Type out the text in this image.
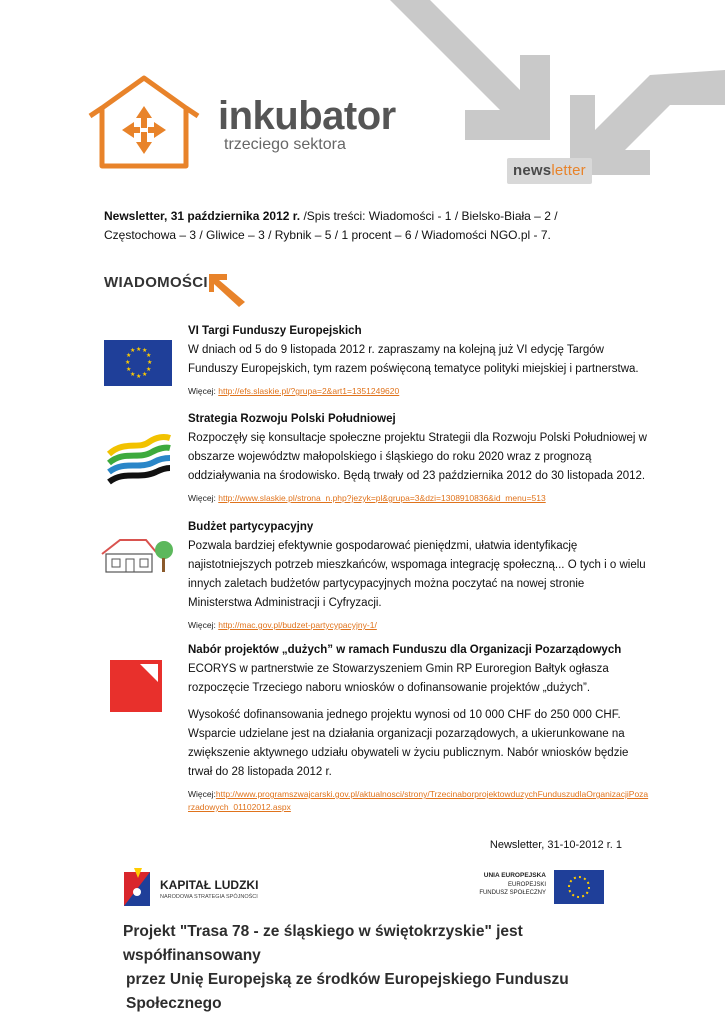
inkubator
trzeciego sektora
newsletter
Newsletter, 31 października 2012 r. /Spis treści: Wiadomości - 1 / Bielsko-Biała – 2 / Częstochowa – 3 / Gliwice – 3 / Rybnik – 5 / 1 procent – 6 / Wiadomości NGO.pl - 7.
WIADOMOŚCI
★ ★
★
★
★
★
★
★
★
★
★
★
VI Targi Funduszy Europejskich
W dniach od 5 do 9 listopada 2012 r. zapraszamy na kolejną już VI edycję Targów Funduszy Europejskich, tym razem poświęconą tematyce polityki miejskiej i partnerstwa.
Więcej: http://efs.slaskie.pl/?grupa=2&art1=1351249620
Strategia Rozwoju Polski Południowej
Rozpoczęły się konsultacje społeczne projektu Strategii dla Rozwoju Polski Południowej w obszarze województw małopolskiego i śląskiego do roku 2020 wraz z prognozą oddziaływania na środowisko. Będą trwały od 23 października 2012 do 30 listopada 2012.
Więcej: http://www.slaskie.pl/strona_n.php?jezyk=pl&grupa=3&dzi=1308910836&id_menu=513
Budżet partycypacyjny
Pozwala bardziej efektywnie gospodarować pieniędzmi, ułatwia identyfikację najistotniejszych potrzeb mieszkańców, wspomaga integrację społeczną... O tych i o wielu innych zaletach budżetów partycypacyjnych można poczytać na nowej stronie Ministerstwa Administracji i Cyfryzacji.
Więcej: http://mac.gov.pl/budzet-partycypacyjny-1/
Nabór projektów „dużych” w ramach Funduszu dla Organizacji Pozarządowych
ECORYS w partnerstwie ze Stowarzyszeniem Gmin RP Euroregion Bałtyk ogłasza rozpoczęcie Trzeciego naboru wniosków o dofinansowanie projektów „dużych”.
Wysokość dofinansowania jednego projektu wynosi od 10 000 CHF do 250 000 CHF. Wsparcie udzielane jest na działania organizacji pozarządowych, a ukierunkowane na zwiększenie aktywnego udziału obywateli w życiu publicznym. Nabór wniosków będzie trwał do 28 listopada 2012 r.
Więcej:http://www.programszwajcarski.gov.pl/aktualnosci/strony/TrzecinaborprojektowduzychFunduszudlaOrganizacjiPozarzadowych_01102012.aspx
Newsletter, 31-10-2012 r. 1
KAPITAŁ LUDZKI
NARODOWA STRATEGIA SPÓJNOŚCI
UNIA EUROPEJSKA
EUROPEJSKI
FUNDUSZ SPOŁECZNY
Projekt "Trasa 78 - ze śląskiego w świętokrzyskie" jest współfinansowany
przez Unię Europejską ze środków Europejskiego Funduszu Społecznego
